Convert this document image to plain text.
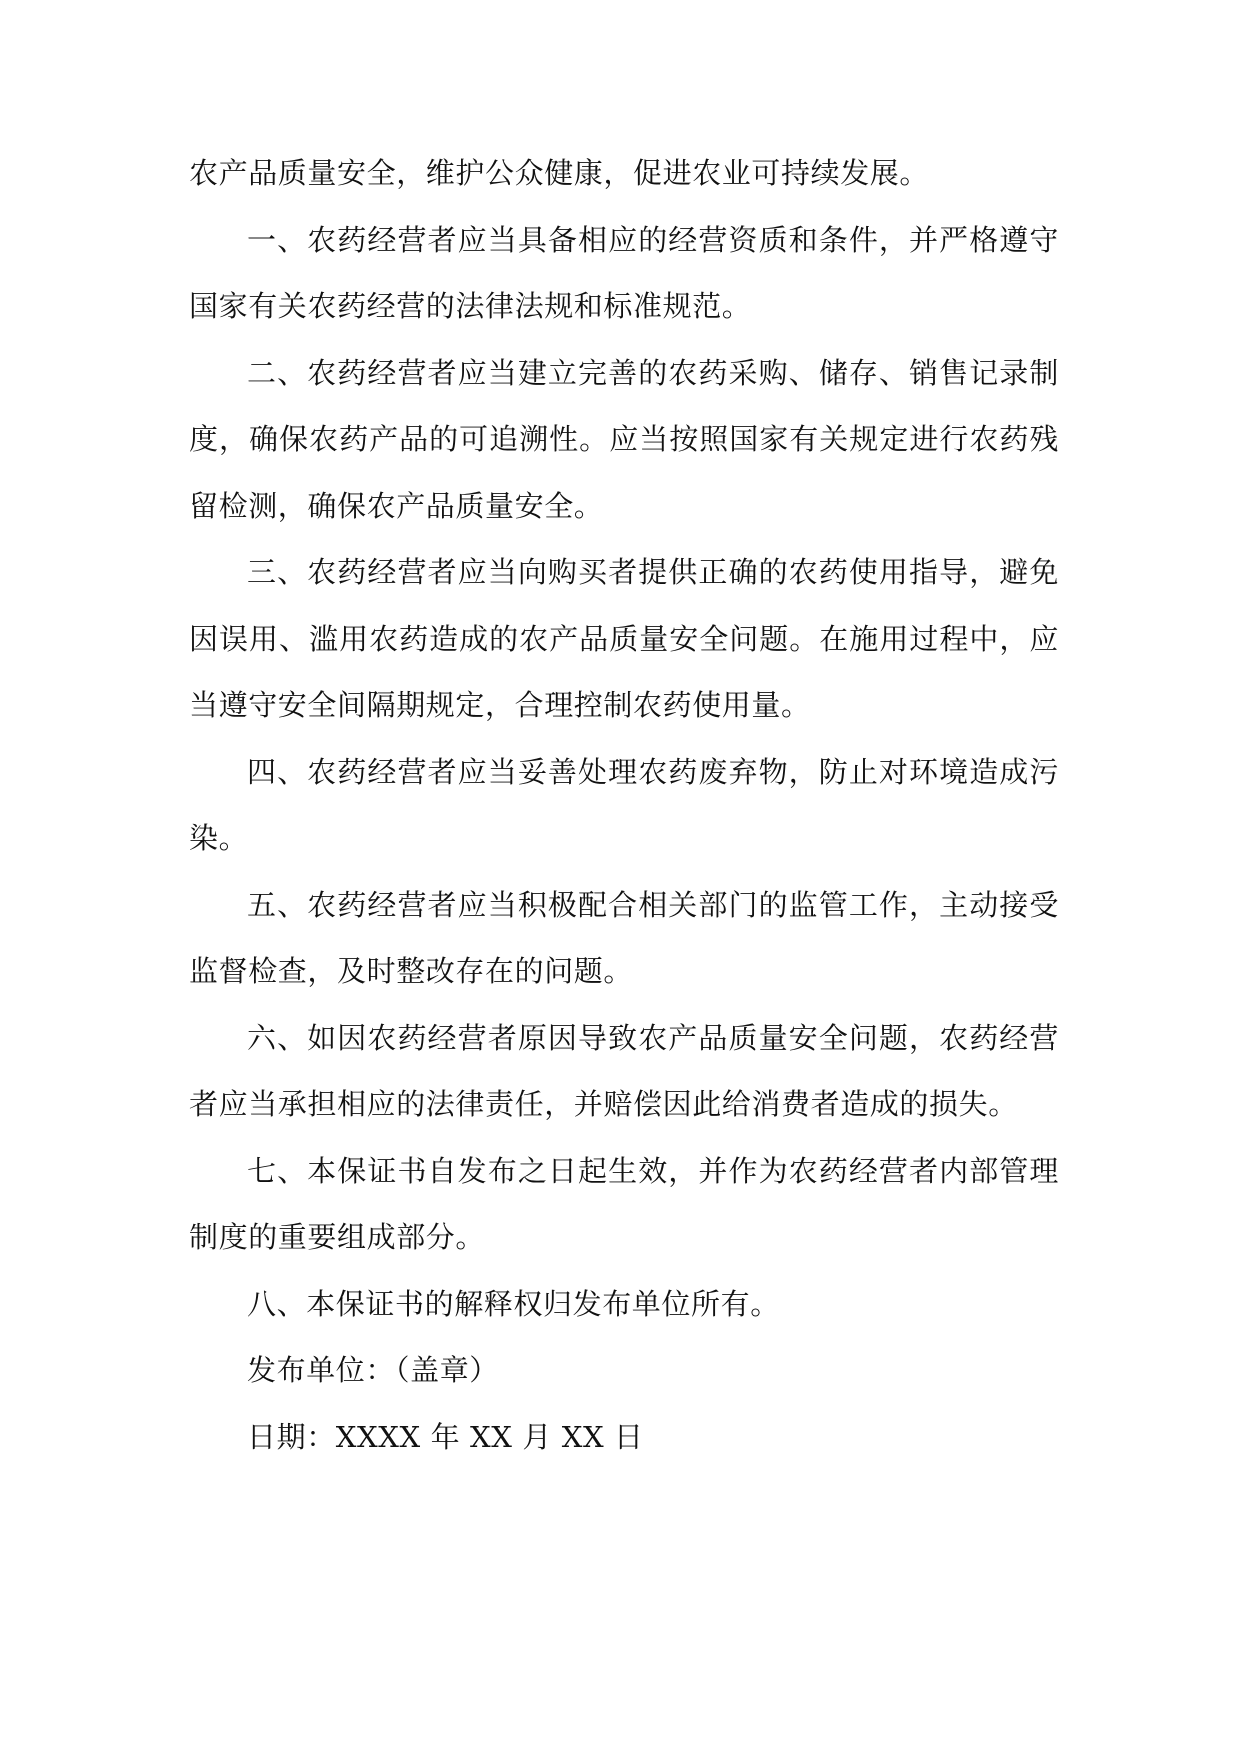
农产品质量安全，维护公众健康，促进农业可持续发展。

一、农药经营者应当具备相应的经营资质和条件，并严格遵守国家有关农药经营的法律法规和标准规范。

二、农药经营者应当建立完善的农药采购、储存、销售记录制度，确保农药产品的可追溯性。应当按照国家有关规定进行农药残留检测，确保农产品质量安全。

三、农药经营者应当向购买者提供正确的农药使用指导，避免因误用、滥用农药造成的农产品质量安全问题。在施用过程中，应当遵守安全间隔期规定，合理控制农药使用量。

四、农药经营者应当妥善处理农药废弃物，防止对环境造成污染。

五、农药经营者应当积极配合相关部门的监管工作，主动接受监督检查，及时整改存在的问题。

六、如因农药经营者原因导致农产品质量安全问题，农药经营者应当承担相应的法律责任，并赔偿因此给消费者造成的损失。

七、本保证书自发布之日起生效，并作为农药经营者内部管理制度的重要组成部分。

八、本保证书的解释权归发布单位所有。

发布单位：（盖章）

日期：XXXX 年 XX 月 XX 日
